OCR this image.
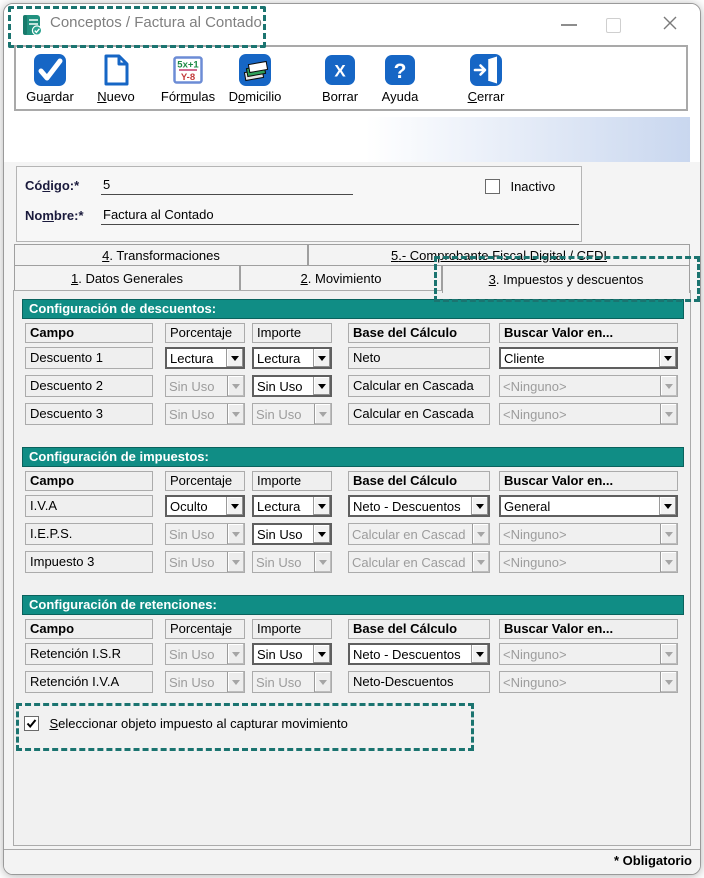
Conceptos / Factura al Contado
Guardar	Nuevo
5x+1
Y-8
Fórmulas	Domicilio
X
Borrar
?
Ayuda	Cerrar
Código:*
5	Inactivo
Nombre:*
Factura al Contado
4. Transformaciones	5.- Comprobante Fiscal Digital / CFDI
1. Datos Generales	2. Movimiento	3. Impuestos y descuentos
Configuración de descuentos:
Campo	Porcentaje	Importe	Base del Cálculo	Buscar Valor en...
Descuento 1	Lectura	Lectura	Neto	Cliente
Descuento 2	Sin Uso	Sin Uso	Calcular en Cascada	<Ninguno>
Descuento 3	Sin Uso	Sin Uso	Calcular en Cascada	<Ninguno>
Configuración de impuestos:
Campo	Porcentaje	Importe	Base del Cálculo	Buscar Valor en...
I.V.A	Oculto	Lectura	Neto - Descuentos	General
I.E.P.S.	Sin Uso	Sin Uso	Calcular en Cascad	<Ninguno>
Impuesto 3	Sin Uso	Sin Uso	Calcular en Cascad	<Ninguno>
Configuración de retenciones:
Campo	Porcentaje	Importe	Base del Cálculo	Buscar Valor en...
Retención I.S.R	Sin Uso	Sin Uso	Neto - Descuentos	<Ninguno>
Retención I.V.A	Sin Uso	Sin Uso	Neto-Descuentos	<Ninguno>
Seleccionar objeto impuesto al capturar movimiento
* Obligatorio
